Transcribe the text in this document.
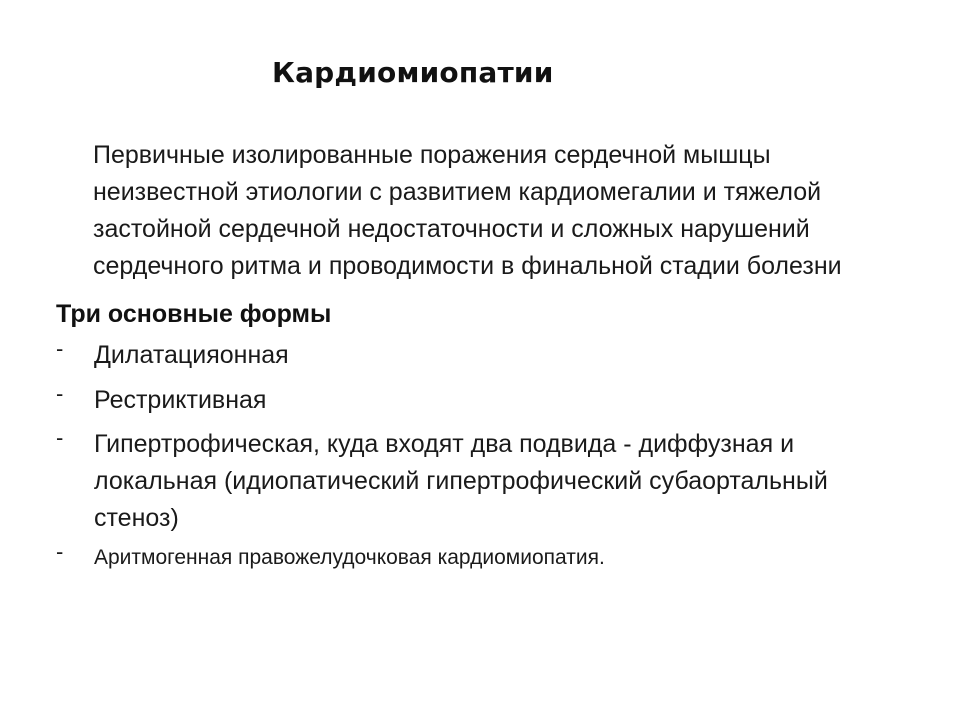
Кардиомиопатии
Первичные изолированные поражения сердечной мышцы
неизвестной этиологии с развитием кардиомегалии и тяжелой
застойной сердечной недостаточности и сложных нарушений
сердечного ритма и проводимости в финальной стадии болезни
Три основные формы
- Дилатацияонная
- Рестриктивная
- Гипертрофическая, куда входят два подвида - диффузная и
локальная (идиопатический гипертрофический субаортальный
стеноз)
- Аритмогенная правожелудочковая кардиомиопатия.
